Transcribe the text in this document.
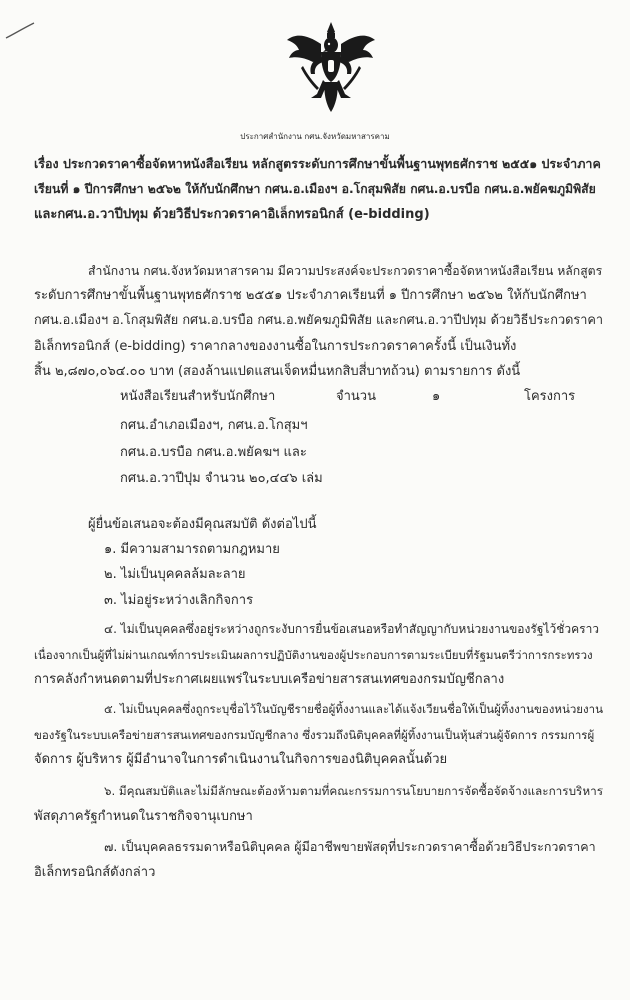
ประกาศสำนักงาน กศน.จังหวัดมหาสารคาม
เรื่อง ประกวดราคาซื้อจัดหาหนังสือเรียน หลักสูตรระดับการศึกษาขั้นพื้นฐานพุทธศักราช ๒๕๕๑ ประจำภาค
เรียนที่ ๑ ปีการศึกษา ๒๕๖๒ ให้กับนักศึกษา กศน.อ.เมืองฯ อ.โกสุมพิสัย กศน.อ.บรบือ กศน.อ.พยัคฆภูมิพิสัย
และกศน.อ.วาปีปทุม ด้วยวิธีประกวดราคาอิเล็กทรอนิกส์ (e-bidding)
สำนักงาน กศน.จังหวัดมหาสารคาม มีความประสงค์จะประกวดราคาซื้อจัดหาหนังสือเรียน หลักสูตร
ระดับการศึกษาขั้นพื้นฐานพุทธศักราช ๒๕๕๑ ประจำภาคเรียนที่ ๑ ปีการศึกษา ๒๕๖๒ ให้กับนักศึกษา
กศน.อ.เมืองฯ อ.โกสุมพิสัย กศน.อ.บรบือ กศน.อ.พยัคฆภูมิพิสัย และกศน.อ.วาปีปทุม ด้วยวิธีประกวดราคา
อิเล็กทรอนิกส์ (e-bidding) ราคากลางของงานซื้อในการประกวดราคาครั้งนี้ เป็นเงินทั้ง
สิ้น ๒,๘๗๐,๐๖๔.๐๐ บาท (สองล้านแปดแสนเจ็ดหมื่นหกสิบสี่บาทถ้วน) ตามรายการ ดังนี้
หนังสือเรียนสำหรับนักศึกษา	จำนวน	๑	โครงการ
กศน.อำเภอเมืองฯ, กศน.อ.โกสุมฯ
กศน.อ.บรบือ กศน.อ.พยัคฆฯ และ
กศน.อ.วาปีปุม จำนวน ๒๐,๔๔๖ เล่ม
ผู้ยื่นข้อเสนอจะต้องมีคุณสมบัติ ดังต่อไปนี้
๑. มีความสามารถตามกฎหมาย
๒. ไม่เป็นบุคคลล้มละลาย
๓. ไม่อยู่ระหว่างเลิกกิจการ
๔. ไม่เป็นบุคคลซึ่งอยู่ระหว่างถูกระงับการยื่นข้อเสนอหรือทำสัญญากับหน่วยงานของรัฐไว้ชั่วคราว
เนื่องจากเป็นผู้ที่ไม่ผ่านเกณฑ์การประเมินผลการปฏิบัติงานของผู้ประกอบการตามระเบียบที่รัฐมนตรีว่าการกระทรวง
การคลังกำหนดตามที่ประกาศเผยแพร่ในระบบเครือข่ายสารสนเทศของกรมบัญชีกลาง
๕. ไม่เป็นบุคคลซึ่งถูกระบุชื่อไว้ในบัญชีรายชื่อผู้ทิ้งงานและได้แจ้งเวียนชื่อให้เป็นผู้ทิ้งงานของหน่วยงาน
ของรัฐในระบบเครือข่ายสารสนเทศของกรมบัญชีกลาง ซึ่งรวมถึงนิติบุคคลที่ผู้ทิ้งงานเป็นหุ้นส่วนผู้จัดการ กรรมการผู้
จัดการ ผู้บริหาร ผู้มีอำนาจในการดำเนินงานในกิจการของนิติบุคคลนั้นด้วย
๖. มีคุณสมบัติและไม่มีลักษณะต้องห้ามตามที่คณะกรรมการนโยบายการจัดซื้อจัดจ้างและการบริหาร
พัสดุภาครัฐกำหนดในราชกิจจานุเบกษา
๗. เป็นบุคคลธรรมดาหรือนิติบุคคล ผู้มีอาชีพขายพัสดุที่ประกวดราคาซื้อด้วยวิธีประกวดราคา
อิเล็กทรอนิกส์ดังกล่าว
